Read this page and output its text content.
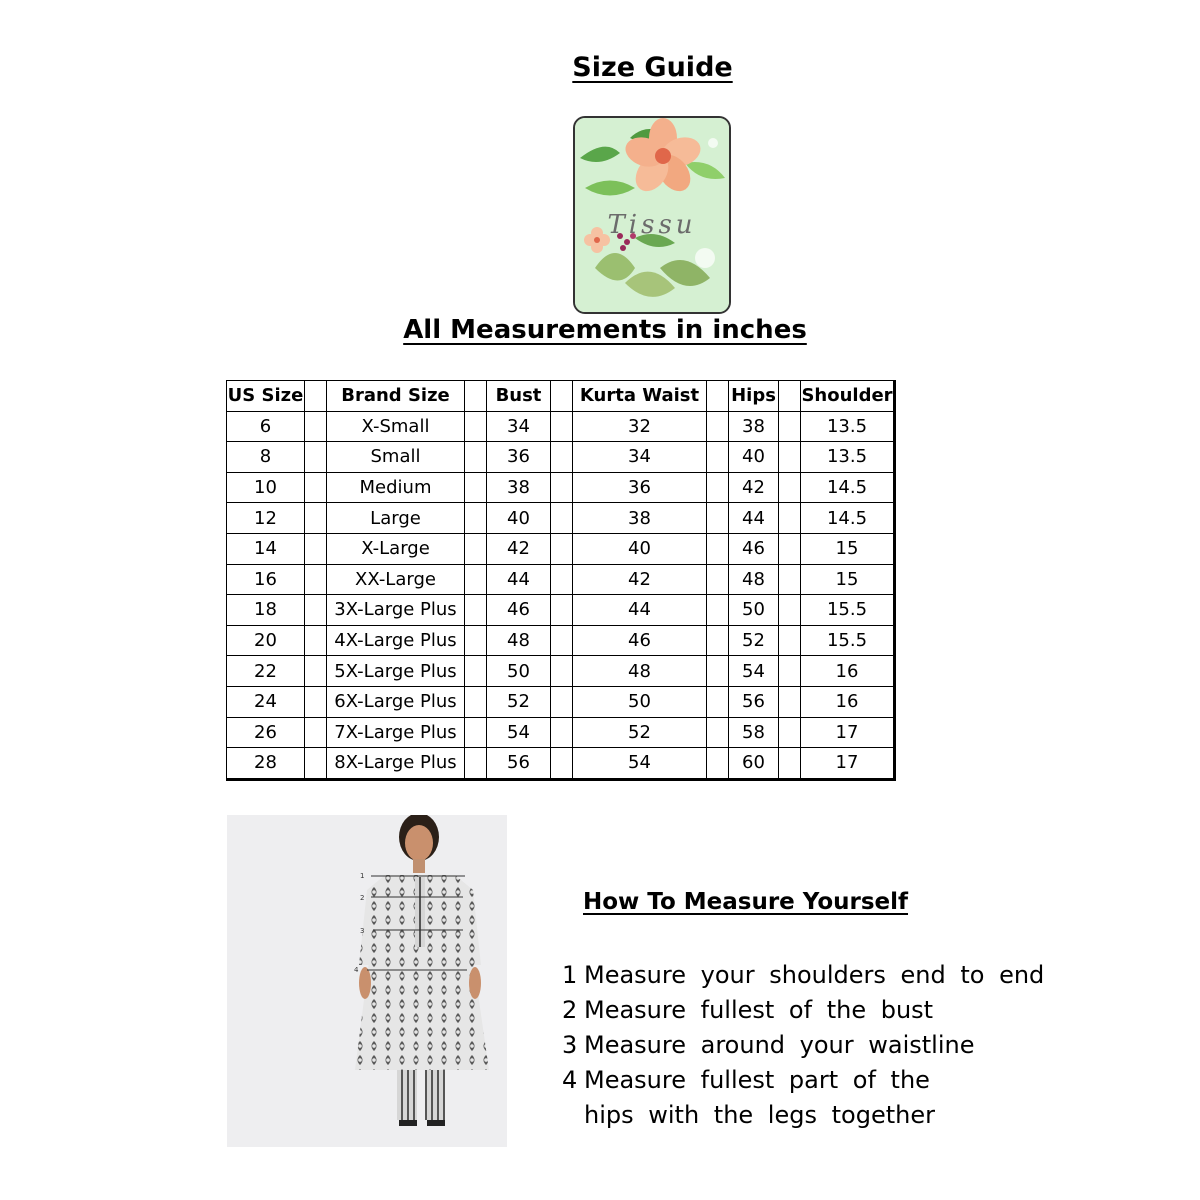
Size Guide
Tissu
All Measurements in inches
US Size		Brand Size		Bust		Kurta Waist		Hips		Shoulder
6		X-Small		34		32		38		13.5
8		Small		36		34		40		13.5
10		Medium		38		36		42		14.5
12		Large		40		38		44		14.5
14		X-Large		42		40		46		15
16		XX-Large		44		42		48		15
18		3X-Large Plus		46		44		50		15.5
20		4X-Large Plus		48		46		52		15.5
22		5X-Large Plus		50		48		54		16
24		6X-Large Plus		52		50		56		16
26		7X-Large Plus		54		52		58		17
28		8X-Large Plus		56		54		60		17
1
2
3
4
How To Measure Yourself
1 Measure your shoulders end to end
2 Measure fullest of the bust
3 Measure around your waistline
4 Measure fullest part of the hips with the legs together
